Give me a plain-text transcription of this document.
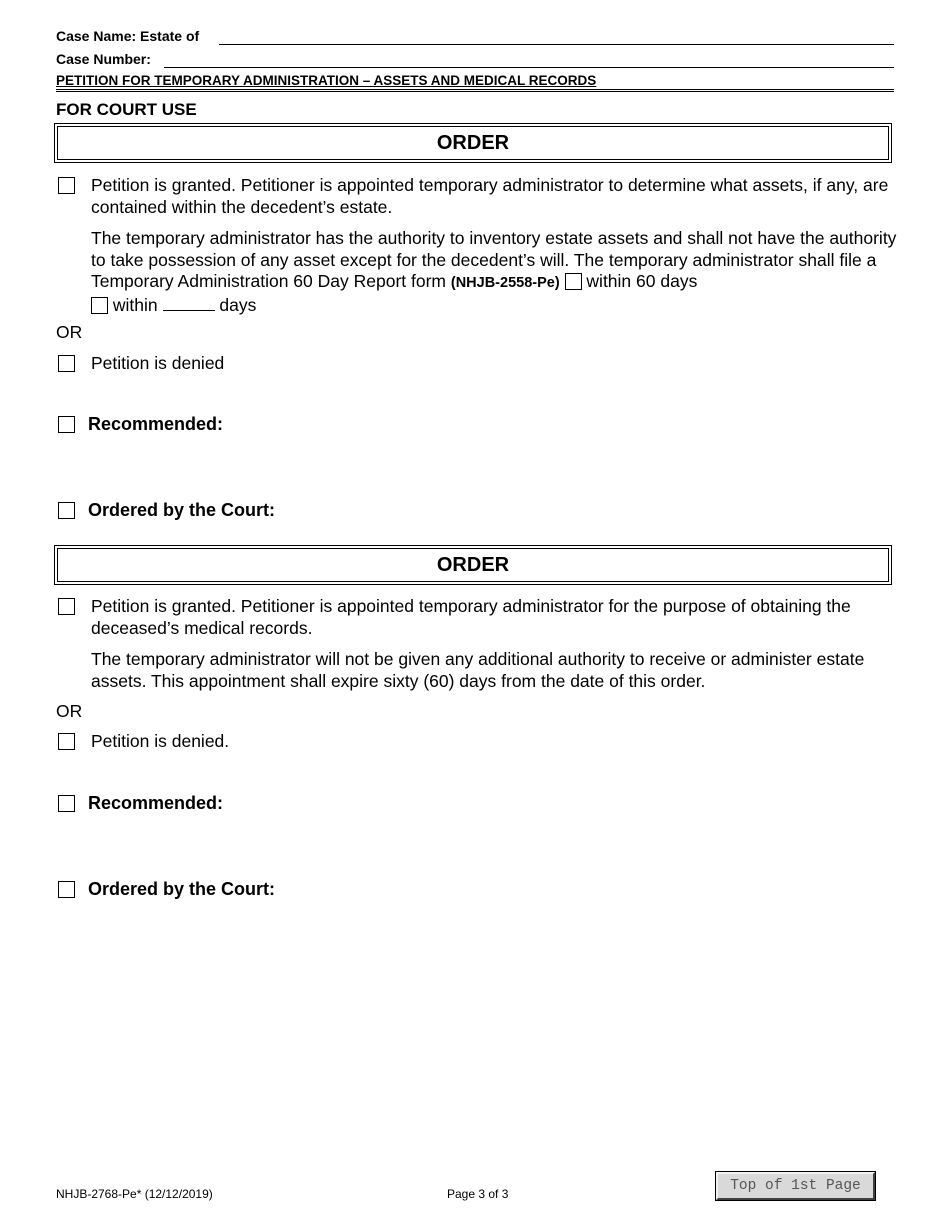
Case Name: Estate of
Case Number:
PETITION FOR TEMPORARY ADMINISTRATION – ASSETS AND MEDICAL RECORDS
FOR COURT USE
ORDER
Petition is granted. Petitioner is appointed temporary administrator to determine what assets, if any, are contained within the decedent’s estate.
The temporary administrator has the authority to inventory estate assets and shall not have the authority to take possession of any asset except for the decedent’s will. The temporary administrator shall file a Temporary Administration 60 Day Report form (NHJB-2558-Pe) within 60 days
within	days
OR
Petition is denied
Recommended:
Ordered by the Court:
ORDER
Petition is granted. Petitioner is appointed temporary administrator for the purpose of obtaining the deceased’s medical records.
The temporary administrator will not be given any additional authority to receive or administer estate assets. This appointment shall expire sixty (60) days from the date of this order.
OR
Petition is denied.
Recommended:
Ordered by the Court:
NHJB-2768-Pe* (12/12/2019)	Page 3 of 3	Top of 1st Page
